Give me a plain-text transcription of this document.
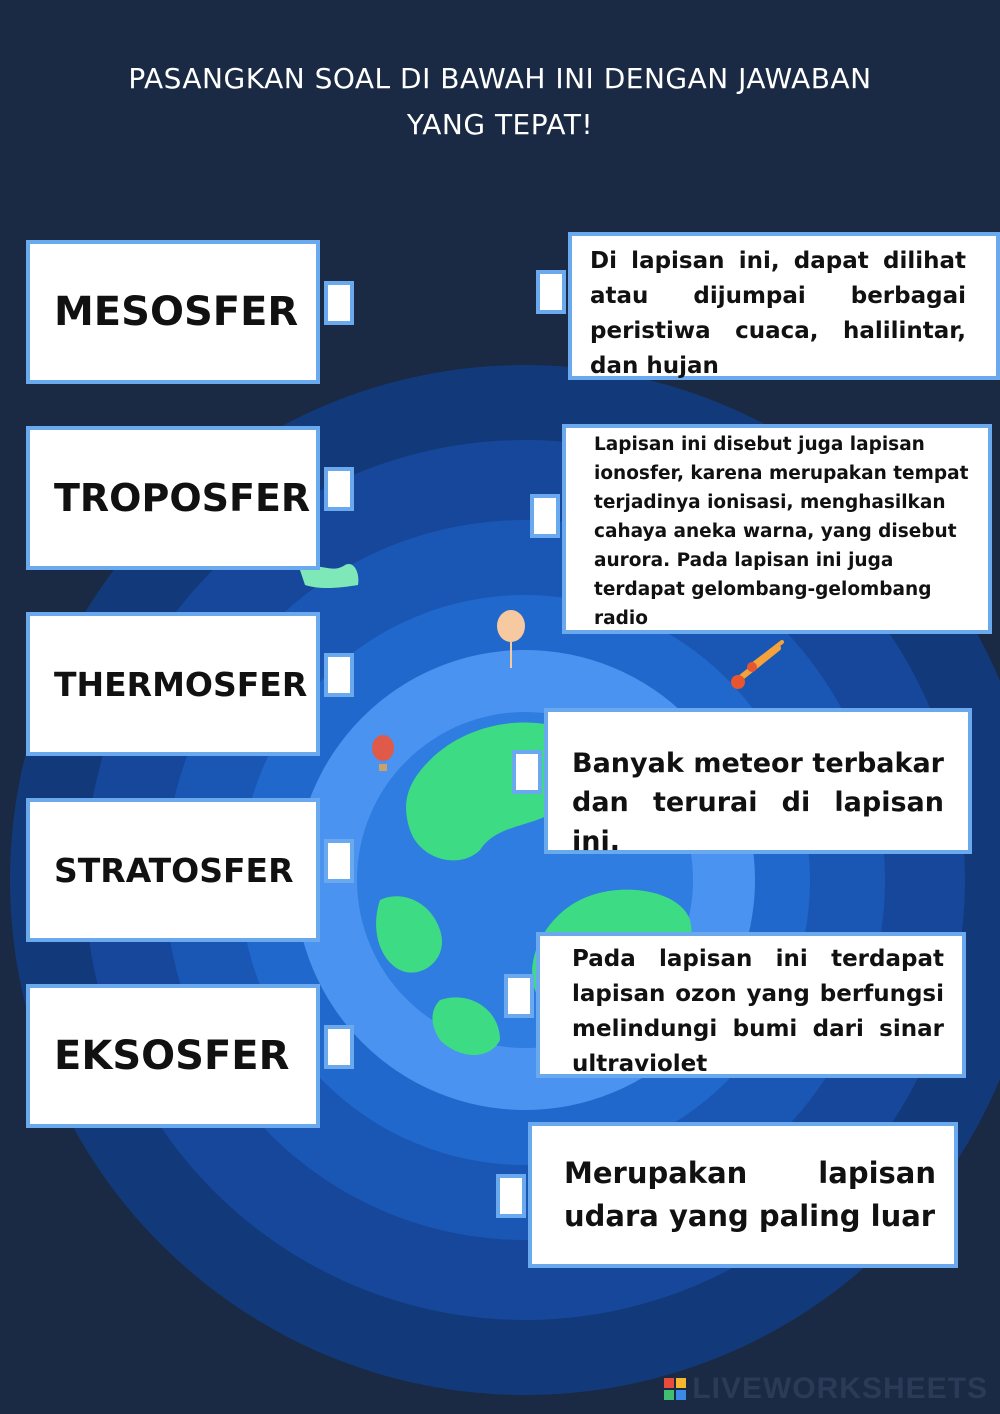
PASANGKAN SOAL DI BAWAH INI DENGAN JAWABAN
YANG TEPAT!
MESOSFER
TROPOSFER
THERMOSFER
STRATOSFER
EKSOSFER

Di lapisan ini, dapat dilihat atau dijumpai berbagai peristiwa cuaca, halilintar, dan hujan

Lapisan ini disebut juga lapisan ionosfer, karena merupakan tempat terjadinya ionisasi, menghasilkan cahaya aneka warna, yang disebut aurora. Pada lapisan ini juga terdapat gelombang-gelombang radio

Banyak meteor terbakar dan terurai di lapisan ini.

Pada lapisan ini terdapat lapisan ozon yang berfungsi melindungi bumi dari sinar ultraviolet

Merupakan lapisan udara yang paling luar

LIVEWORKSHEETS
